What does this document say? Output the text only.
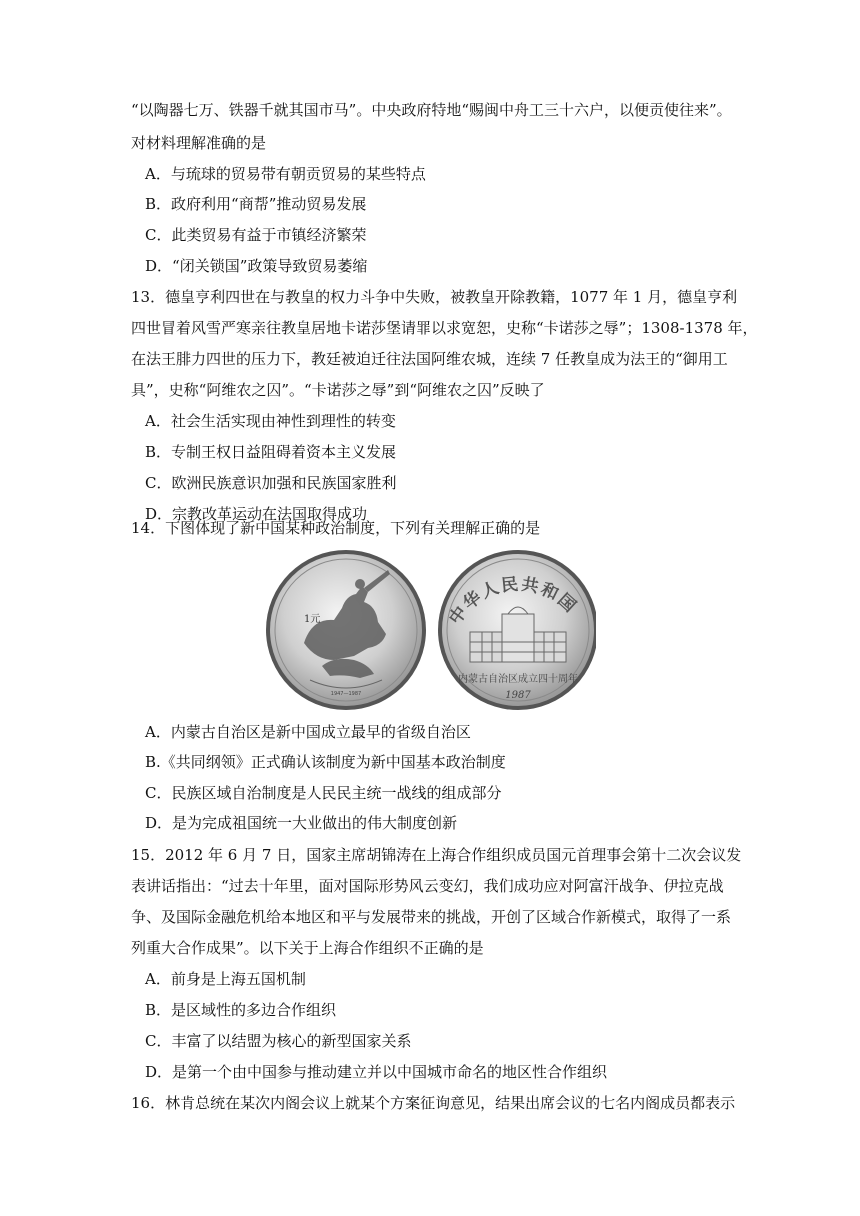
“以陶器七万、铁器千就其国市马”。中央政府特地“赐闽中舟工三十六户，以便贡使往来”。
对材料理解准确的是
A．与琉球的贸易带有朝贡贸易的某些特点
B．政府利用“商帮”推动贸易发展
C．此类贸易有益于市镇经济繁荣
D．“闭关锁国”政策导致贸易萎缩
13．德皇亨利四世在与教皇的权力斗争中失败，被教皇开除教籍，1077 年 1 月，德皇亨利
四世冒着风雪严寒亲往教皇居地卡诺莎堡请罪以求宽恕，史称“卡诺莎之辱”；1308-1378 年，
在法王腓力四世的压力下，教廷被迫迁往法国阿维农城，连续 7 任教皇成为法王的“御用工
具”，史称“阿维农之囚”。“卡诺莎之辱”到“阿维农之囚”反映了
A．社会生活实现由神性到理性的转变
B．专制王权日益阻碍着资本主义发展
C．欧洲民族意识加强和民族国家胜利
D．宗教改革运动在法国取得成功
14．下图体现了新中国某种政治制度，下列有关理解正确的是
1元
1947—1987
中华人民共和国
内蒙古自治区成立四十周年
1987
A．内蒙古自治区是新中国成立最早的省级自治区
B.《共同纲领》正式确认该制度为新中国基本政治制度
C．民族区域自治制度是人民民主统一战线的组成部分
D．是为完成祖国统一大业做出的伟大制度创新
15．2012 年 6 月 7 日，国家主席胡锦涛在上海合作组织成员国元首理事会第十二次会议发
表讲话指出：“过去十年里，面对国际形势风云变幻，我们成功应对阿富汗战争、伊拉克战
争、及国际金融危机给本地区和平与发展带来的挑战，开创了区域合作新模式，取得了一系
列重大合作成果”。以下关于上海合作组织不正确的是
A．前身是上海五国机制
B．是区域性的多边合作组织
C．丰富了以结盟为核心的新型国家关系
D．是第一个由中国参与推动建立并以中国城市命名的地区性合作组织
16．林肯总统在某次内阁会议上就某个方案征询意见，结果出席会议的七名内阁成员都表示
